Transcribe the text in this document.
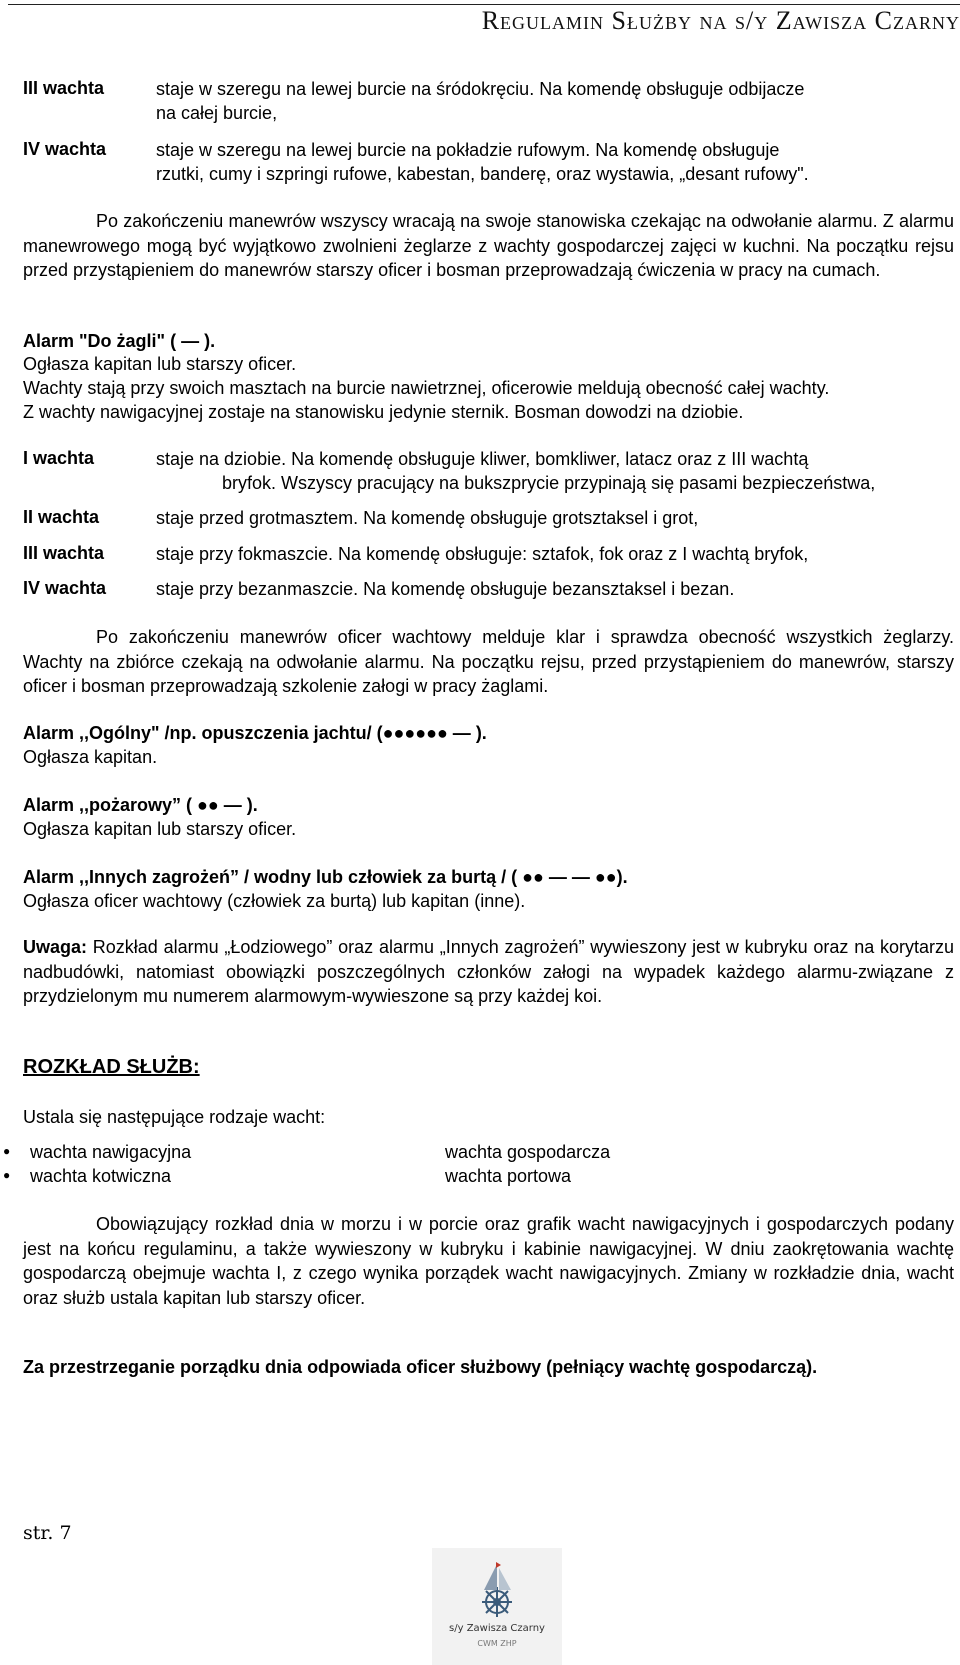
Regulamin Służby na s/y Zawisza Czarny
III wachta	staje w szeregu na lewej burcie na śródokręciu. Na komendę obsługuje odbijacze
na całej burcie,
IV wachta	staje w szeregu na lewej burcie na pokładzie rufowym. Na komendę obsługuje
rzutki, cumy i szpringi rufowe, kabestan, banderę, oraz wystawia, „desant rufowy".
Po zakończeniu manewrów wszyscy wracają na swoje stanowiska czekając na odwołanie alarmu. Z alarmu manewrowego mogą być wyjątkowo zwolnieni żeglarze z wachty gospodarczej zajęci w kuchni. Na początku rejsu przed przystąpieniem do manewrów starszy oficer i bosman przeprowadzają ćwiczenia w pracy na cumach.
Alarm "Do żagli" ( — ).
Ogłasza kapitan lub starszy oficer.
Wachty stają przy swoich masztach na burcie nawietrznej, oficerowie meldują obecność całej wachty.
Z wachty nawigacyjnej zostaje na stanowisku jedynie sternik. Bosman dowodzi na dziobie.
I wachta	staje na dziobie. Na komendę obsługuje kliwer, bomkliwer, latacz oraz z III wachtą
bryfok. Wszyscy pracujący na bukszprycie przypinają się pasami bezpieczeństwa,
II wachta	staje przed grotmasztem. Na komendę obsługuje grotsztaksel i grot,
III wachta	staje przy fokmaszcie. Na komendę obsługuje: sztafok, fok oraz z I wachtą bryfok,
IV wachta	staje przy bezanmaszcie. Na komendę obsługuje bezansztaksel i bezan.
Po zakończeniu manewrów oficer wachtowy melduje klar i sprawdza obecność wszystkich żeglarzy. Wachty na zbiórce czekają na odwołanie alarmu. Na początku rejsu, przed przystąpieniem do manewrów, starszy oficer i bosman przeprowadzają szkolenie załogi w pracy żaglami.
Alarm ,,Ogólny" /np. opuszczenia jachtu/ (●●●●●● — ).
Ogłasza kapitan.
Alarm ,,pożarowy” ( ●● — ).
Ogłasza kapitan lub starszy oficer.
Alarm ,,Innych zagrożeń” / wodny lub człowiek za burtą / ( ●● — — ●●).
Ogłasza oficer wachtowy (człowiek za burtą) lub kapitan (inne).
Uwaga: Rozkład alarmu „Łodziowego” oraz alarmu „Innych zagrożeń” wywieszony jest w kubryku oraz na korytarzu nadbudówki, natomiast obowiązki poszczególnych członków załogi na wypadek każdego alarmu-związane z przydzielonym mu numerem alarmowym-wywieszone są przy każdej koi.
ROZKŁAD SŁUŻB:
Ustala się następujące rodzaje wacht:
● wachta nawigacyjna	wachta gospodarcza
● wachta kotwiczna	wachta portowa
Obowiązujący rozkład dnia w morzu i w porcie oraz grafik wacht nawigacyjnych i gospodarczych podany jest na końcu regulaminu, a także wywieszony w kubryku i kabinie nawigacyjnej. W dniu zaokrętowania wachtę gospodarczą obejmuje wachta I, z czego wynika porządek wacht nawigacyjnych. Zmiany w rozkładzie dnia, wacht oraz służb ustala kapitan lub starszy oficer.
Za przestrzeganie porządku dnia odpowiada oficer służbowy (pełniący wachtę gospodarczą).
str. 7
s/y Zawisza Czarny
CWM ZHP
